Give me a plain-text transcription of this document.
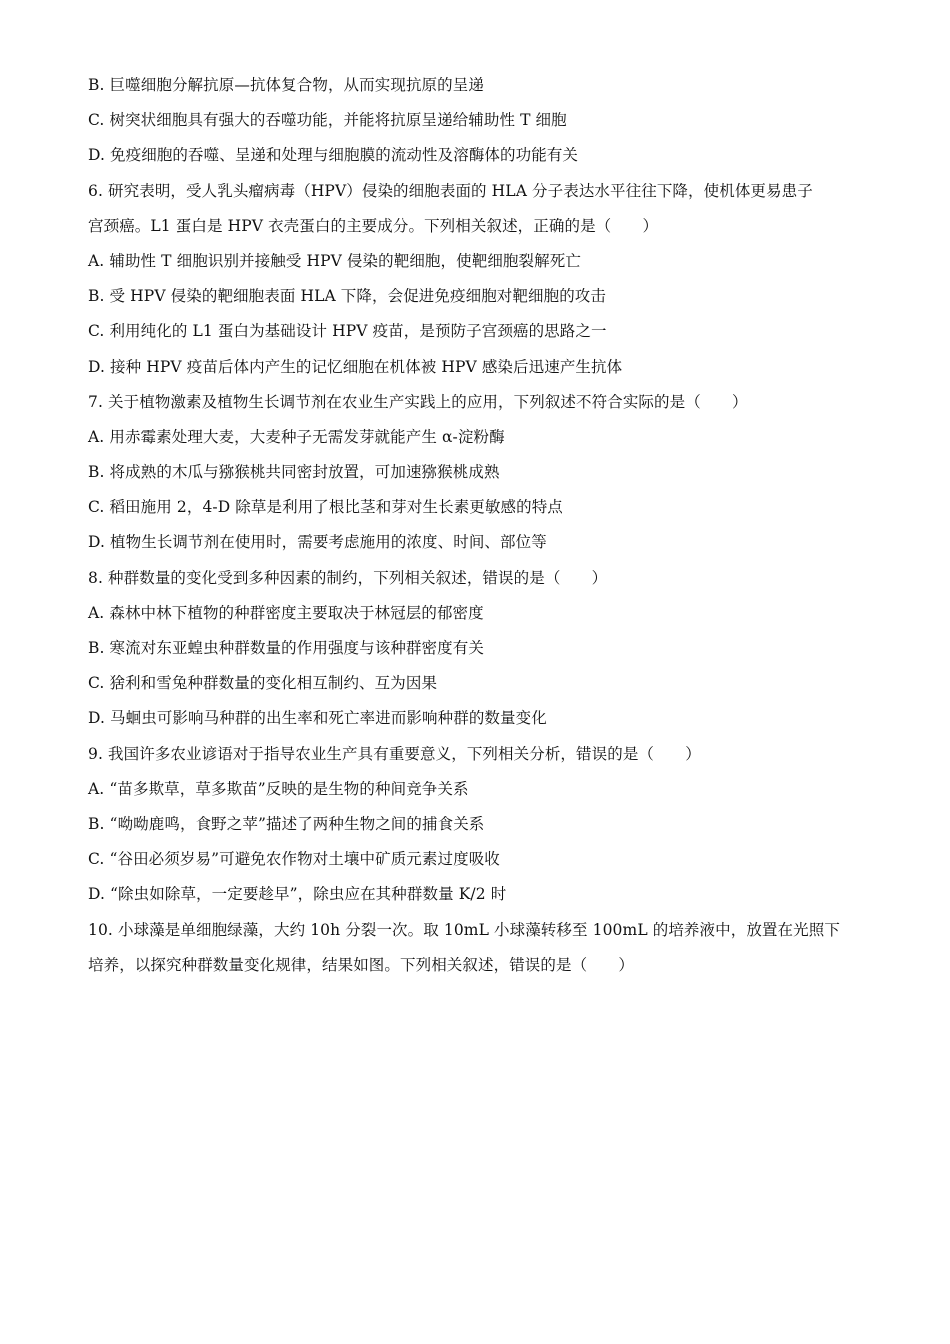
B. 巨噬细胞分解抗原—抗体复合物，从而实现抗原的呈递
C. 树突状细胞具有强大的吞噬功能，并能将抗原呈递给辅助性 T 细胞
D. 免疫细胞的吞噬、呈递和处理与细胞膜的流动性及溶酶体的功能有关
6. 研究表明，受人乳头瘤病毒（HPV）侵染的细胞表面的 HLA 分子表达水平往往下降，使机体更易患子
宫颈癌。L1 蛋白是 HPV 衣壳蛋白的主要成分。下列相关叙述，正确的是（　　）
A. 辅助性 T 细胞识别并接触受 HPV 侵染的靶细胞，使靶细胞裂解死亡
B. 受 HPV 侵染的靶细胞表面 HLA 下降，会促进免疫细胞对靶细胞的攻击
C. 利用纯化的 L1 蛋白为基础设计 HPV 疫苗，是预防子宫颈癌的思路之一
D. 接种 HPV 疫苗后体内产生的记忆细胞在机体被 HPV 感染后迅速产生抗体
7. 关于植物激素及植物生长调节剂在农业生产实践上的应用，下列叙述不符合实际的是（　　）
A. 用赤霉素处理大麦，大麦种子无需发芽就能产生 α-淀粉酶
B. 将成熟的木瓜与猕猴桃共同密封放置，可加速猕猴桃成熟
C. 稻田施用 2，4-D 除草是利用了根比茎和芽对生长素更敏感的特点
D. 植物生长调节剂在使用时，需要考虑施用的浓度、时间、部位等
8. 种群数量的变化受到多种因素的制约，下列相关叙述，错误的是（　　）
A. 森林中林下植物的种群密度主要取决于林冠层的郁密度
B. 寒流对东亚蝗虫种群数量的作用强度与该种群密度有关
C. 猞利和雪兔种群数量的变化相互制约、互为因果
D. 马蛔虫可影响马种群的出生率和死亡率进而影响种群的数量变化
9. 我国许多农业谚语对于指导农业生产具有重要意义，下列相关分析，错误的是（　　）
A. “苗多欺草，草多欺苗”反映的是生物的种间竞争关系
B. “呦呦鹿鸣，食野之苹”描述了两种生物之间的捕食关系
C. “谷田必须岁易”可避免农作物对土壤中矿质元素过度吸收
D. “除虫如除草，一定要趁早”，除虫应在其种群数量 K/2 时
10. 小球藻是单细胞绿藻，大约 10h 分裂一次。取 10mL 小球藻转移至 100mL 的培养液中，放置在光照下
培养，以探究种群数量变化规律，结果如图。下列相关叙述，错误的是（　　）
